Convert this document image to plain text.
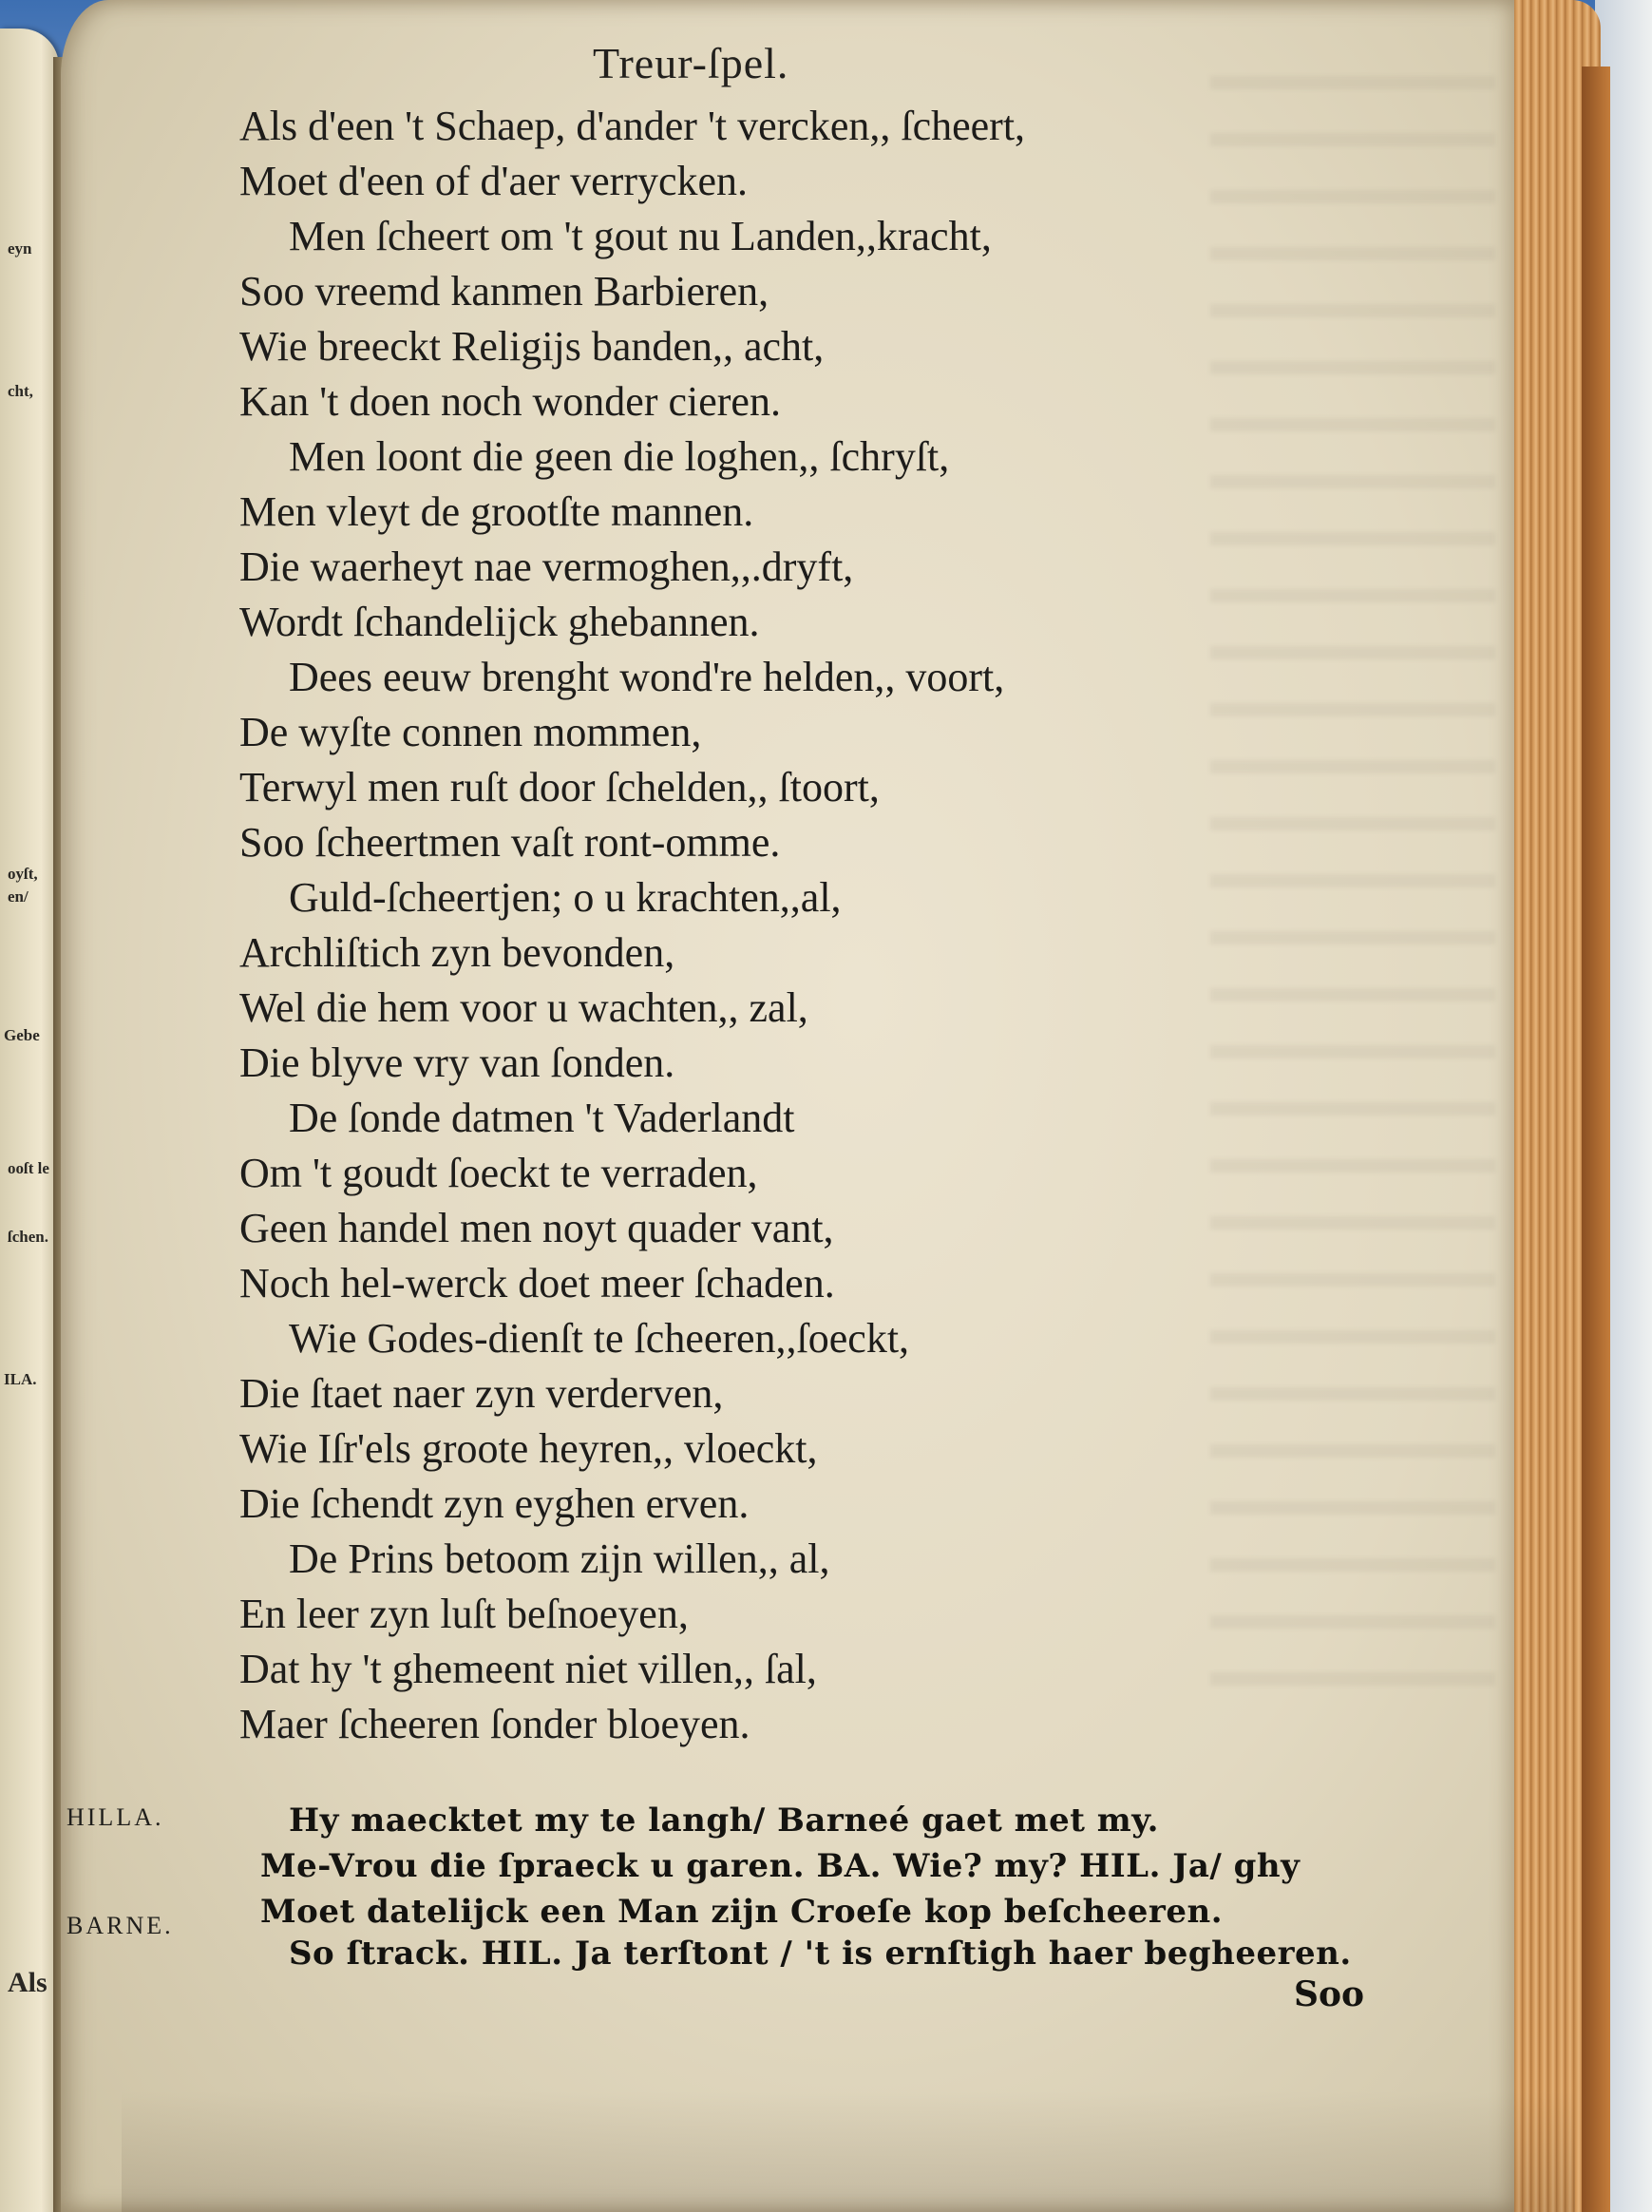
eyn
cht,
oyſt,
en/
Gebe
ooſt le
ſchen.
ILA.
Als
Treur-ſpel.
Als d'een 't Schaep, d'ander 't vercken,, ſcheert,
Moet d'een of d'aer verrycken.
Men ſcheert om 't gout nu Landen,,kracht,
Soo vreemd kanmen Barbieren,
Wie breeckt Religijs banden,, acht,
Kan 't doen noch wonder cieren.
Men loont die geen die loghen,, ſchryſt,
Men vleyt de grootſte mannen.
Die waerheyt nae vermoghen,,.dryft,
Wordt ſchandelijck ghebannen.
Dees eeuw brenght wond're helden,, voort,
De wyſte connen mommen,
Terwyl men ruſt door ſchelden,, ſtoort,
Soo ſcheertmen vaſt ront-omme.
Guld-ſcheertjen; o u krachten,,al,
Archliſtich zyn bevonden,
Wel die hem voor u wachten,, zal,
Die blyve vry van ſonden.
De ſonde datmen 't Vaderlandt
Om 't goudt ſoeckt te verraden,
Geen handel men noyt quader vant,
Noch hel-werck doet meer ſchaden.
Wie Godes-dienſt te ſcheeren,,ſoeckt,
Die ſtaet naer zyn verderven,
Wie Iſr'els groote heyren,, vloeckt,
Die ſchendt zyn eyghen erven.
De Prins betoom zijn willen,, al,
En leer zyn luſt beſnoeyen,
Dat hy 't ghemeent niet villen,, ſal,
Maer ſcheeren ſonder bloeyen.
HILLA.
BARNE.
Hy maecktet my te langh/ Barneé gaet met my.
Me-Vrou die ſpraeck u garen. BA. Wie? my? HIL. Ja/ ghy
Moet datelijck een Man zijn Croeſe kop beſcheeren.
So ſtrack. HIL. Ja terſtont / 't is ernſtigh haer begheeren.
Soo
